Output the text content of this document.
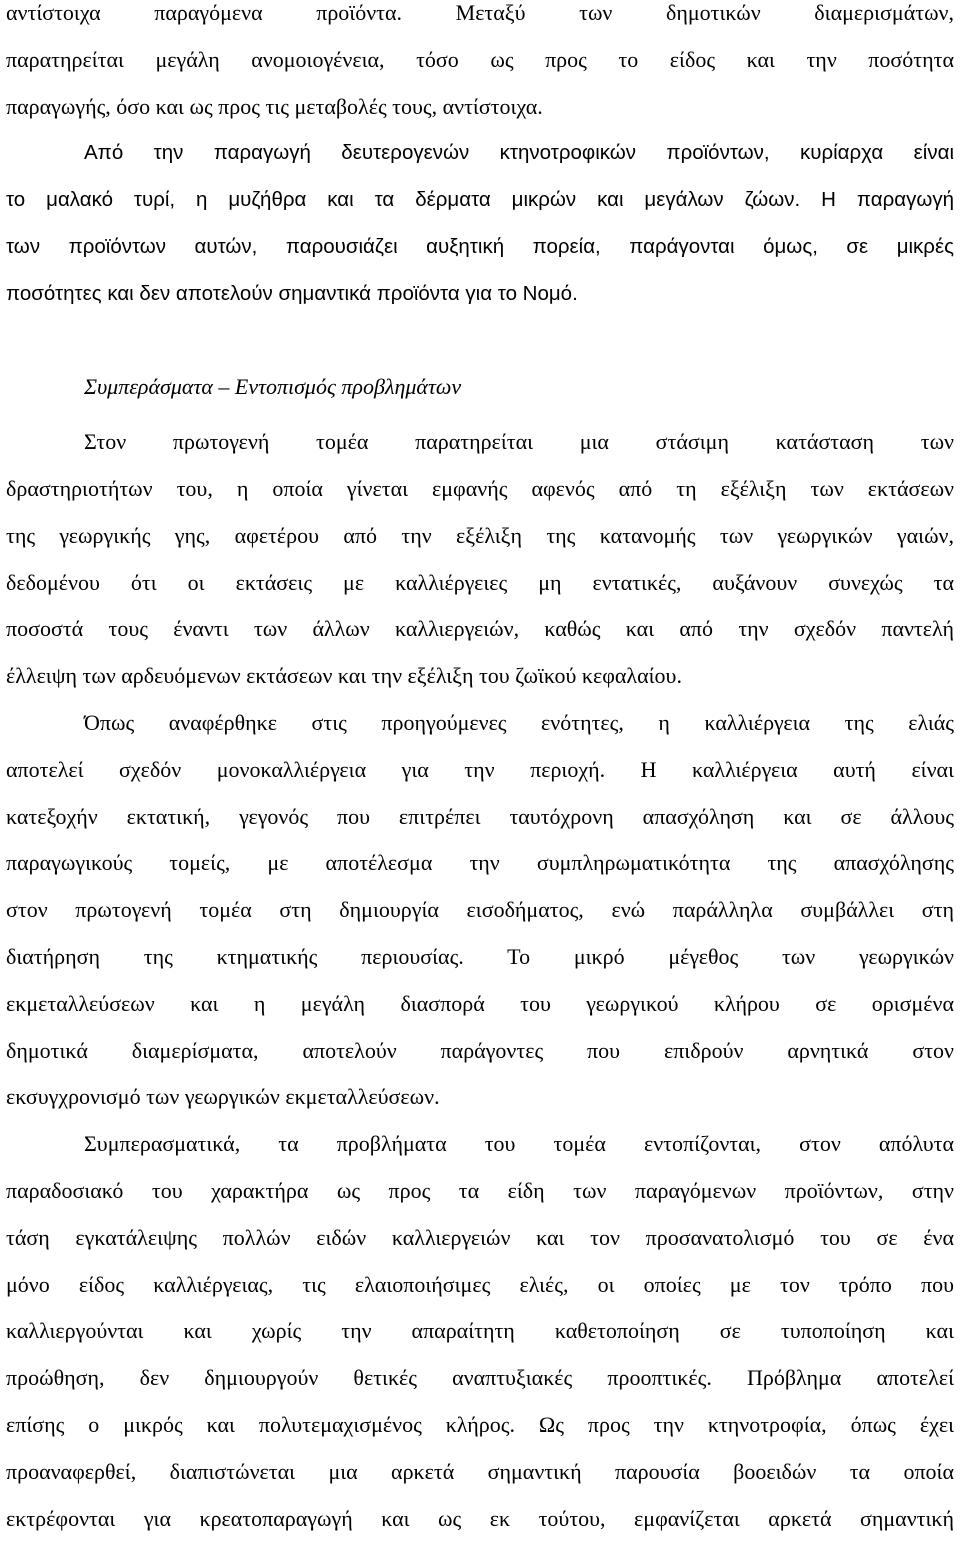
αντίστοιχα παραγόμενα προϊόντα. Μεταξύ των δημοτικών διαμερισμάτων,
παρατηρείται μεγάλη ανομοιογένεια, τόσο ως προς το είδος και την ποσότητα
παραγωγής, όσο και ως προς τις μεταβολές τους, αντίστοιχα.
Από την παραγωγή δευτερογενών κτηνοτροφικών προϊόντων, κυρίαρχα είναι
το μαλακό τυρί, η μυζήθρα και τα δέρματα μικρών και μεγάλων ζώων. Η παραγωγή
των προϊόντων αυτών, παρουσιάζει αυξητική πορεία, παράγονται όμως, σε μικρές
ποσότητες και δεν αποτελούν σημαντικά προϊόντα για το Νομό.

Συμπεράσματα – Εντοπισμός προβλημάτων

Στον πρωτογενή τομέα παρατηρείται μια στάσιμη κατάσταση των
δραστηριοτήτων του, η οποία γίνεται εμφανής αφενός από τη εξέλιξη των εκτάσεων
της γεωργικής γης, αφετέρου από την εξέλιξη της κατανομής των γεωργικών γαιών,
δεδομένου ότι οι εκτάσεις με καλλιέργειες μη εντατικές, αυξάνουν συνεχώς τα
ποσοστά τους έναντι των άλλων καλλιεργειών, καθώς και από την σχεδόν παντελή
έλλειψη των αρδευόμενων εκτάσεων και την εξέλιξη του ζωϊκού κεφαλαίου.
Όπως αναφέρθηκε στις προηγούμενες ενότητες, η καλλιέργεια της ελιάς
αποτελεί σχεδόν μονοκαλλιέργεια για την περιοχή. Η καλλιέργεια αυτή είναι
κατεξοχήν εκτατική, γεγονός που επιτρέπει ταυτόχρονη απασχόληση και σε άλλους
παραγωγικούς τομείς, με αποτέλεσμα την συμπληρωματικότητα της απασχόλησης
στον πρωτογενή τομέα στη δημιουργία εισοδήματος, ενώ παράλληλα συμβάλλει στη
διατήρηση της κτηματικής περιουσίας. Το μικρό μέγεθος των γεωργικών
εκμεταλλεύσεων και η μεγάλη διασπορά του γεωργικού κλήρου σε ορισμένα
δημοτικά διαμερίσματα, αποτελούν παράγοντες που επιδρούν αρνητικά στον
εκσυγχρονισμό των γεωργικών εκμεταλλεύσεων.
Συμπερασματικά, τα προβλήματα του τομέα εντοπίζονται, στον απόλυτα
παραδοσιακό του χαρακτήρα ως προς τα είδη των παραγόμενων προϊόντων, στην
τάση εγκατάλειψης πολλών ειδών καλλιεργειών και τον προσανατολισμό του σε ένα
μόνο είδος καλλιέργειας, τις ελαιοποιήσιμες ελιές, οι οποίες με τον τρόπο που
καλλιεργούνται και χωρίς την απαραίτητη καθετοποίηση σε τυποποίηση και
προώθηση, δεν δημιουργούν θετικές αναπτυξιακές προοπτικές. Πρόβλημα αποτελεί
επίσης ο μικρός και πολυτεμαχισμένος κλήρος. Ως προς την κτηνοτροφία, όπως έχει
προαναφερθεί, διαπιστώνεται μια αρκετά σημαντική παρουσία βοοειδών τα οποία
εκτρέφονται για κρεατοπαραγωγή και ως εκ τούτου, εμφανίζεται αρκετά σημαντική
